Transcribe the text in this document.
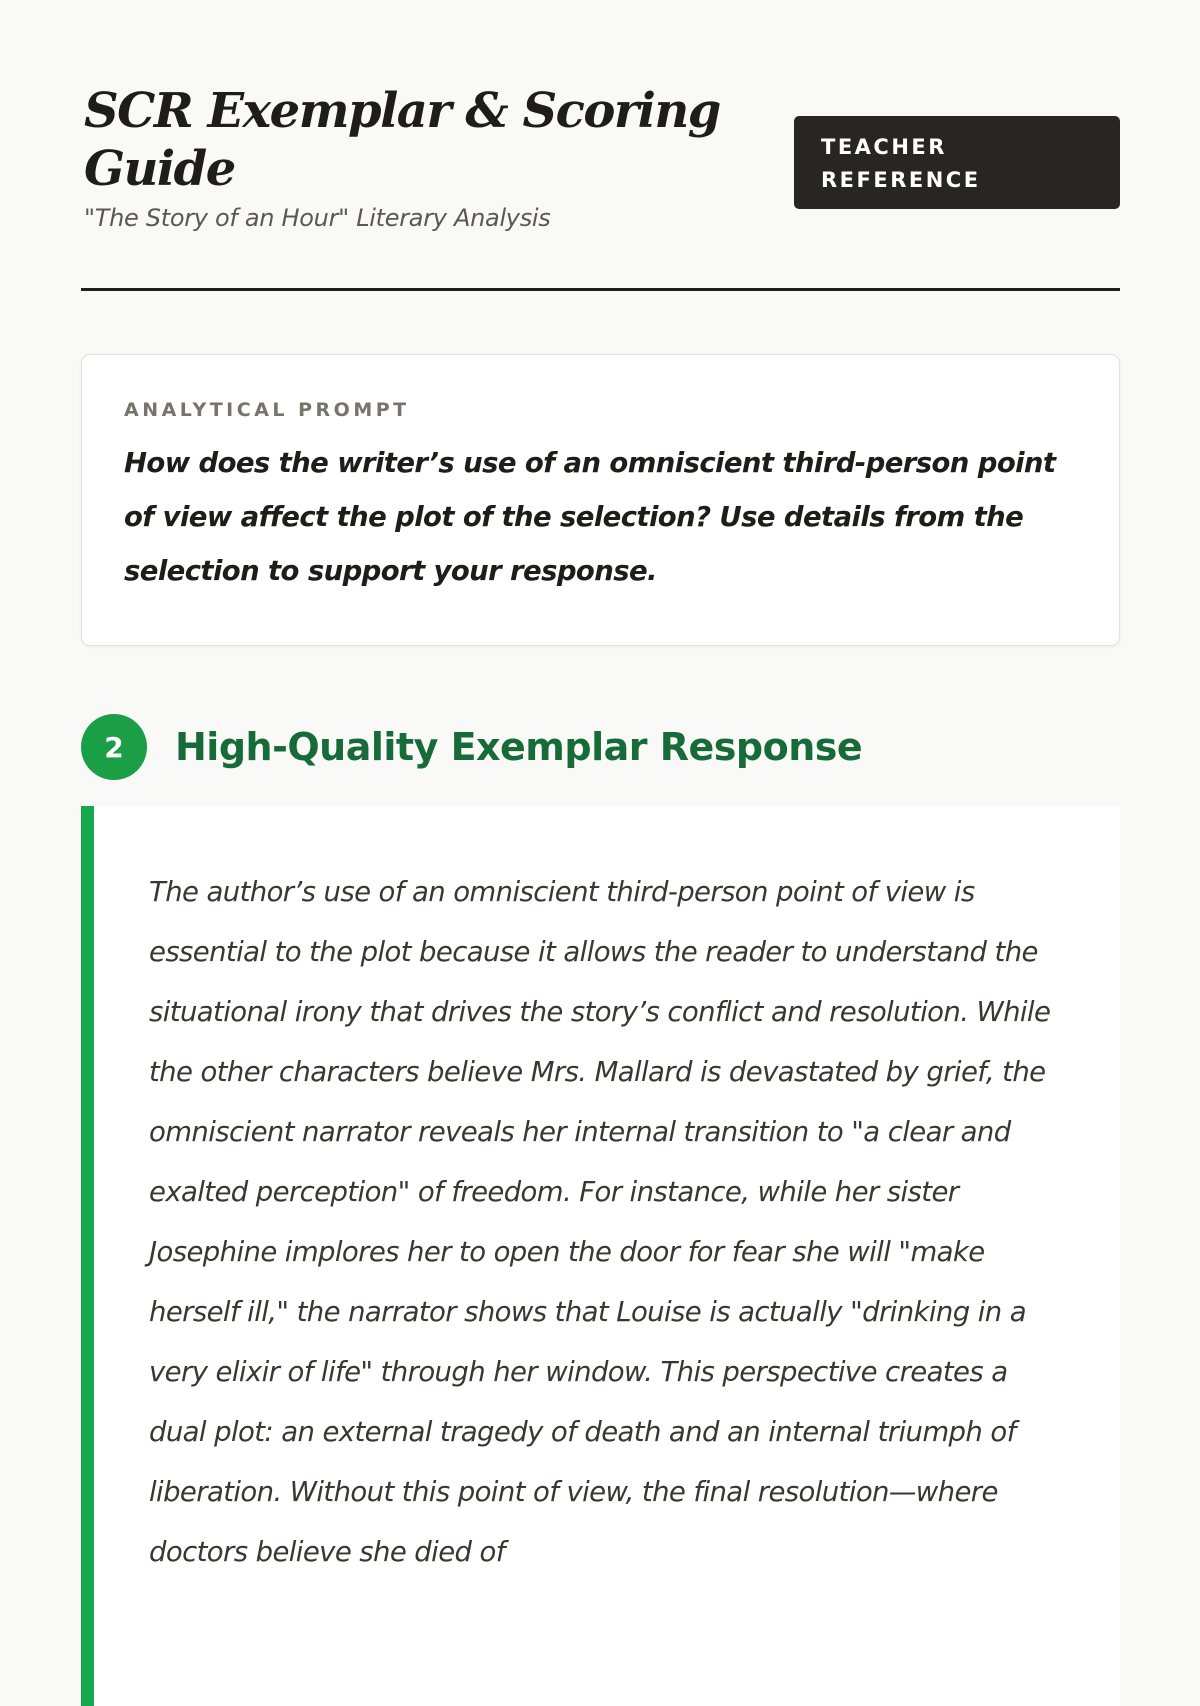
SCR Exemplar & Scoring Guide
"The Story of an Hour" Literary Analysis
TEACHER REFERENCE
ANALYTICAL PROMPT

How does the writer’s use of an omniscient third-person point of view affect the plot of the selection? Use details from the selection to support your response.

2	High-Quality Exemplar Response

The author’s use of an omniscient third-person point of view is essential to the plot because it allows the reader to understand the situational irony that drives the story’s conflict and resolution. While the other characters believe Mrs. Mallard is devastated by grief, the omniscient narrator reveals her internal transition to "a clear and exalted perception" of freedom. For instance, while her sister Josephine implores her to open the door for fear she will "make herself ill," the narrator shows that Louise is actually "drinking in a very elixir of life" through her window. This perspective creates a dual plot: an external tragedy of death and an internal triumph of liberation. Without this point of view, the final resolution—where doctors believe she died of
